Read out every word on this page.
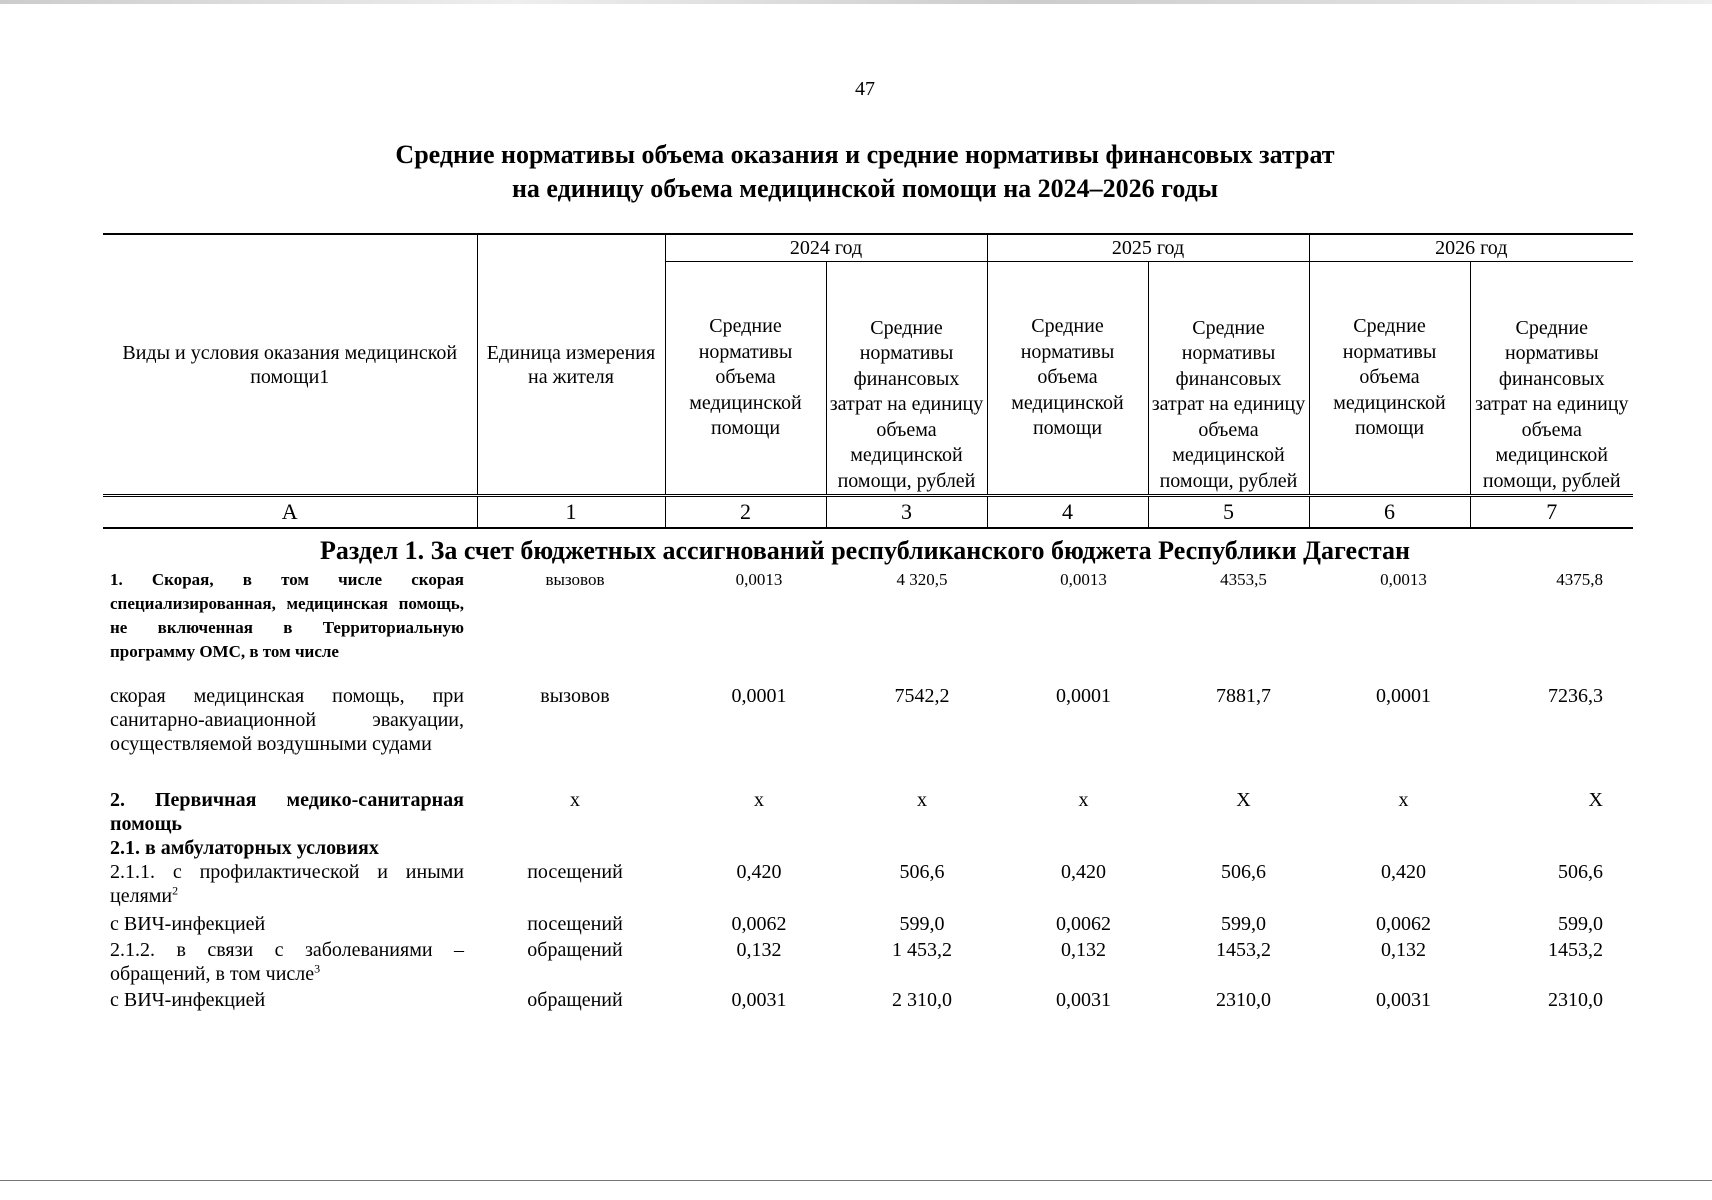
47
Средние нормативы объема оказания и средние нормативы финансовых затрат
на единицу объема медицинской помощи на 2024–2026 годы
Виды и условия оказания медицинской помощи1	Единица измерения на жителя	2024 год		2025 год		2026 год	
		Средние нормативы объема медицинской помощи	Средние нормативы финансовых затрат на единицу объема медицинской помощи, рублей	Средние нормативы объема медицинской помощи	Средние нормативы финансовых затрат на единицу объема медицинской помощи, рублей	Средние нормативы объема медицинской помощи	Средние нормативы финансовых затрат на единицу объема медицинской помощи, рублей
А	1	2	3	4	5	6	7
Раздел 1. За счет бюджетных ассигнований республиканского бюджета Республики Дагестан
1. Скорая, в том числе скорая специализированная, медицинская помощь, не включенная в Территориальную программу ОМС, в том числе	вызовов	0,0013	4 320,5	0,0013	4353,5	0,0013	4375,8
скорая медицинская помощь, при санитарно-авиационной эвакуации, осуществляемой воздушными судами	вызовов	0,0001	7542,2	0,0001	7881,7	0,0001	7236,3
2. Первичная медико-санитарная помощь	х	х	х	х	Х	х	Х
2.1. в амбулаторных условиях							
2.1.1. с профилактической и иными целями$^2$	посещений	0,420	506,6	0,420	506,6	0,420	506,6
с ВИЧ-инфекцией	посещений	0,0062	599,0	0,0062	599,0	0,0062	599,0
2.1.2. в связи с заболеваниями – обращений, в том числе$^3$	обращений	0,132	1 453,2	0,132	1453,2	0,132	1453,2
с ВИЧ-инфекцией	обращений	0,0031	2 310,0	0,0031	2310,0	0,0031	2310,0
